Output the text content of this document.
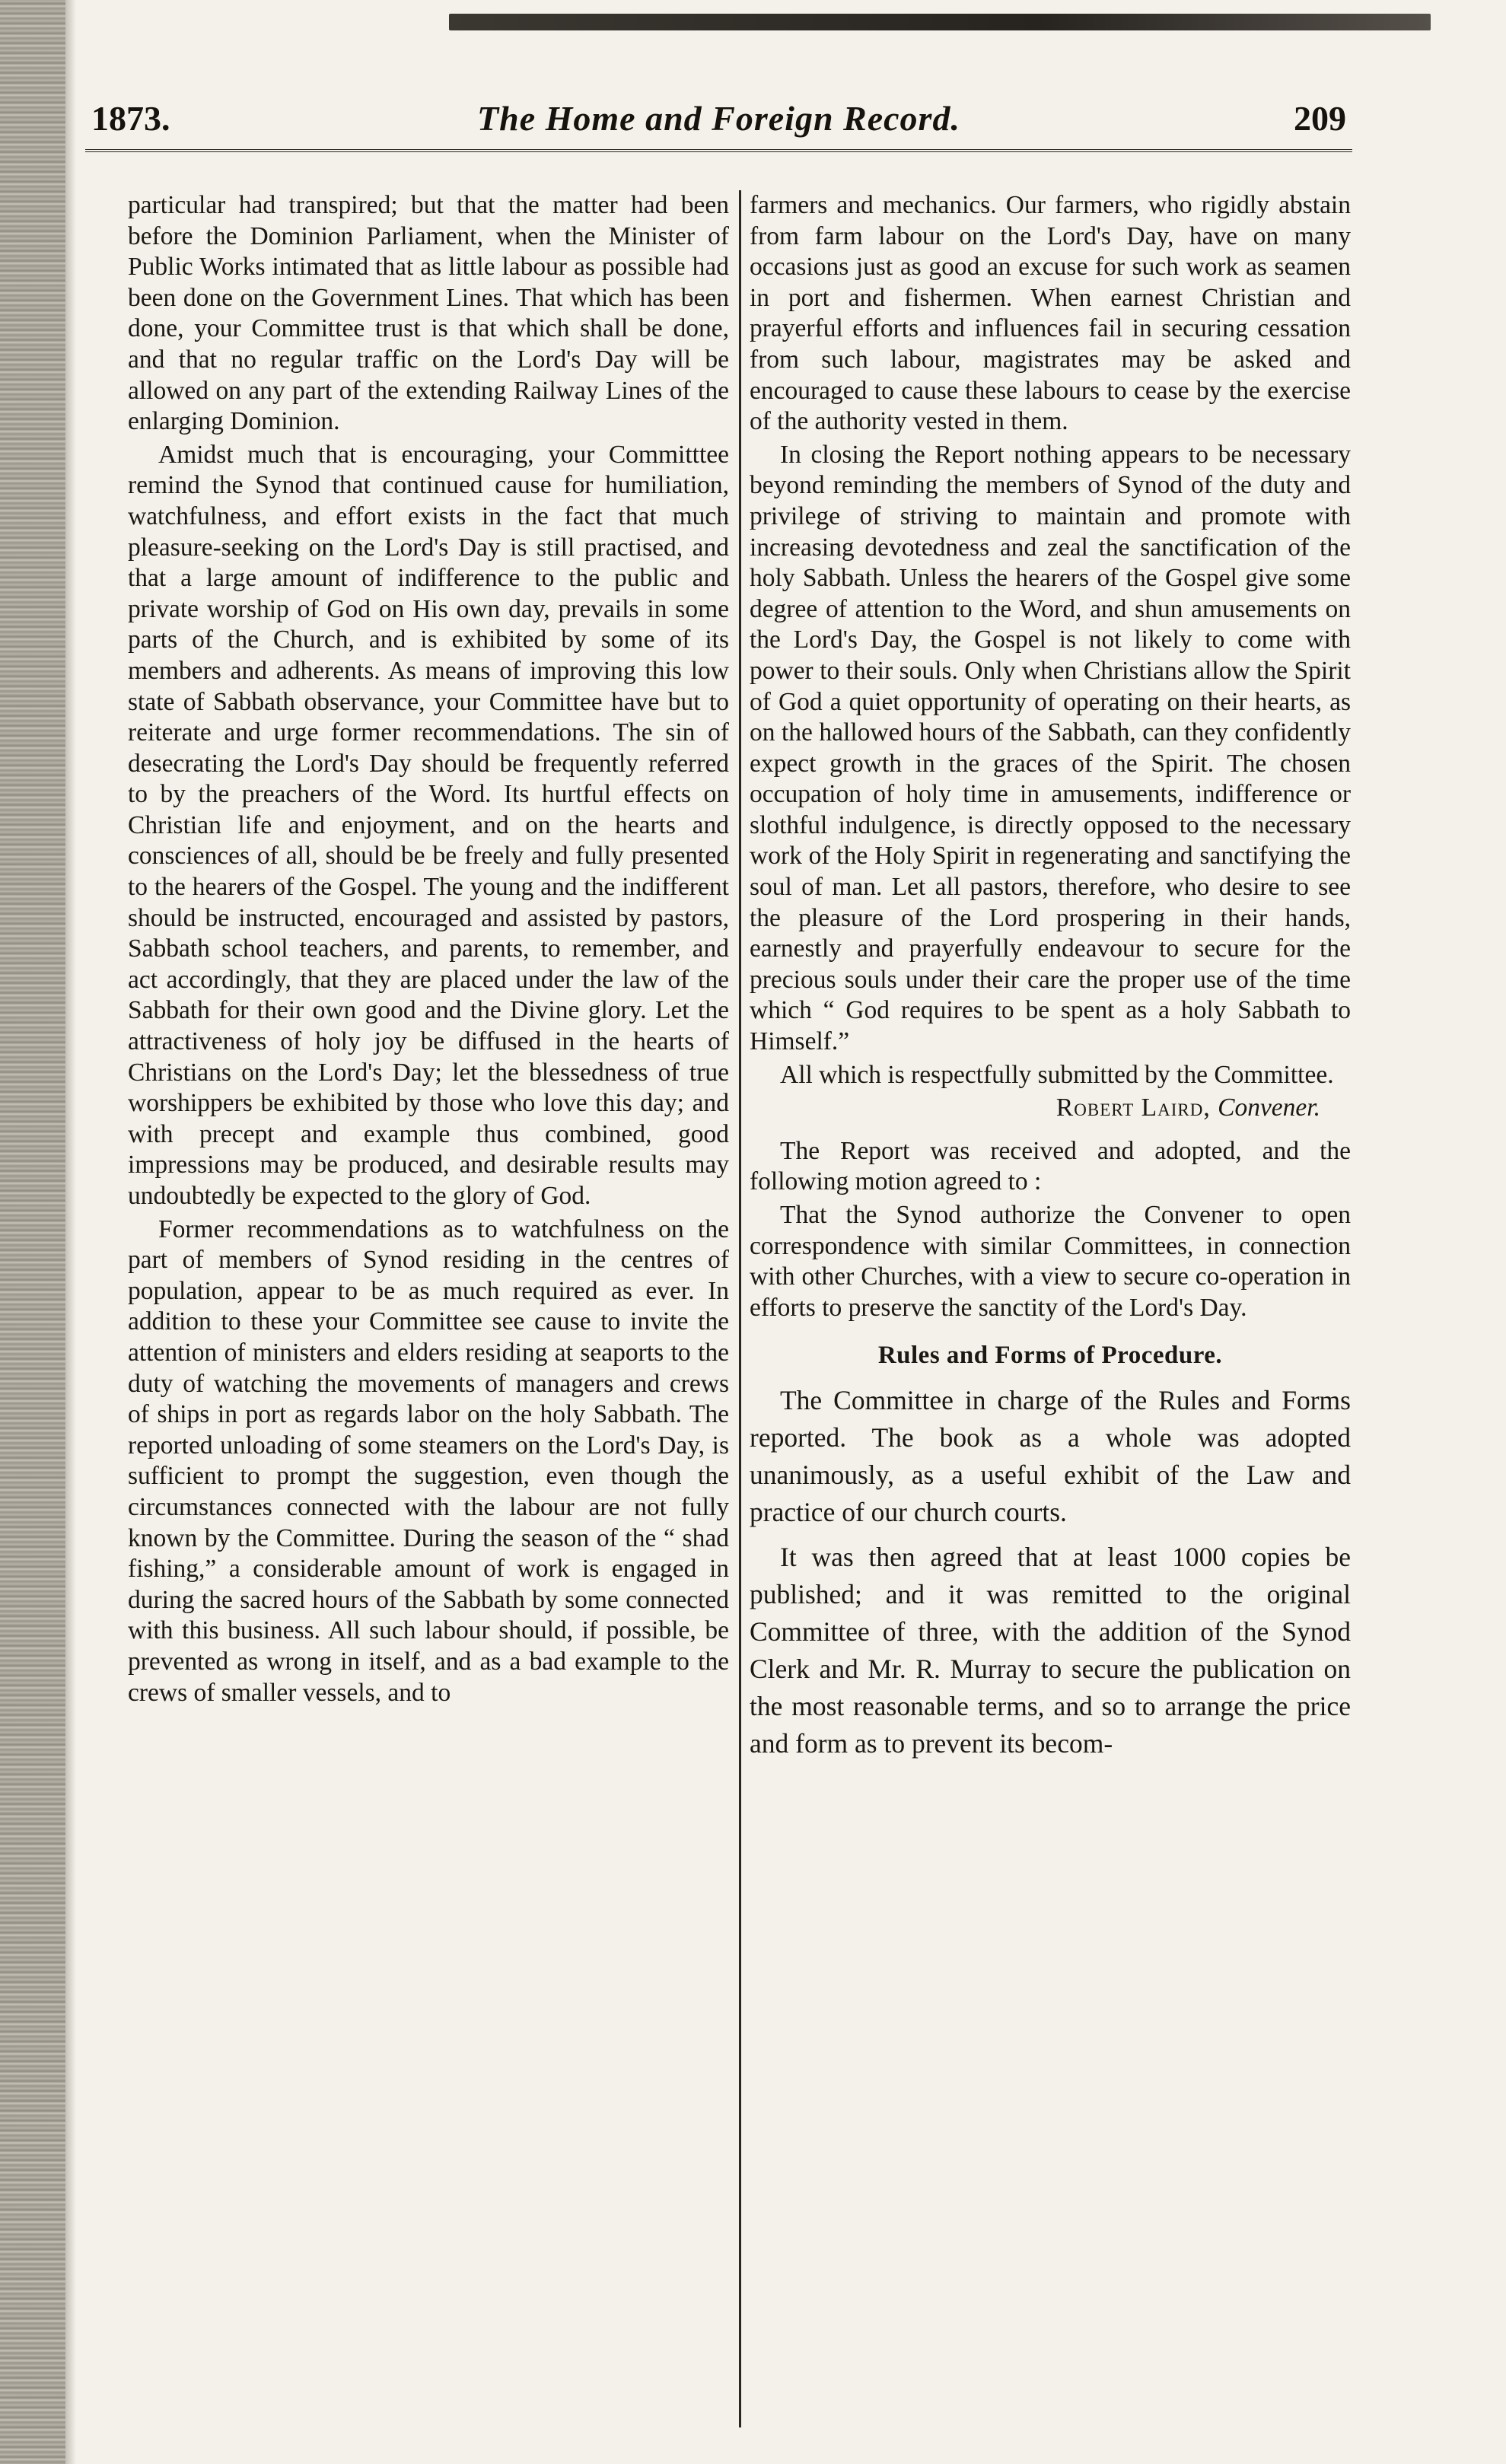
1873.	The Home and Foreign Record.	209

particular had transpired; but that the matter had been before the Dominion Parliament, when the Minister of Public Works intimated that as little labour as possible had been done on the Government Lines. That which has been done, your Committee trust is that which shall be done, and that no regular traffic on the Lord's Day will be allowed on any part of the extending Railway Lines of the enlarging Dominion.

Amidst much that is encouraging, your Committtee remind the Synod that continued cause for humiliation, watchfulness, and effort exists in the fact that much pleasure-seeking on the Lord's Day is still practised, and that a large amount of indifference to the public and private worship of God on His own day, prevails in some parts of the Church, and is exhibited by some of its members and adherents. As means of improving this low state of Sabbath observance, your Committee have but to reiterate and urge former recommendations. The sin of desecrating the Lord's Day should be frequently referred to by the preachers of the Word. Its hurtful effects on Christian life and enjoyment, and on the hearts and consciences of all, should be be freely and fully presented to the hearers of the Gospel. The young and the indifferent should be instructed, encouraged and assisted by pastors, Sabbath school teachers, and parents, to remember, and act accordingly, that they are placed under the law of the Sabbath for their own good and the Divine glory. Let the attractiveness of holy joy be diffused in the hearts of Christians on the Lord's Day; let the blessedness of true worshippers be exhibited by those who love this day; and with precept and example thus combined, good impressions may be produced, and desirable results may undoubtedly be expected to the glory of God.

Former recommendations as to watchfulness on the part of members of Synod residing in the centres of population, appear to be as much required as ever. In addition to these your Committee see cause to invite the attention of ministers and elders residing at seaports to the duty of watching the movements of managers and crews of ships in port as regards labor on the holy Sabbath. The reported unloading of some steamers on the Lord's Day, is sufficient to prompt the suggestion, even though the circumstances connected with the labour are not fully known by the Committee. During the season of the “ shad fishing,” a considerable amount of work is engaged in during the sacred hours of the Sabbath by some connected with this business. All such labour should, if possible, be prevented as wrong in itself, and as a bad example to the crews of smaller vessels, and to

farmers and mechanics. Our farmers, who rigidly abstain from farm labour on the Lord's Day, have on many occasions just as good an excuse for such work as seamen in port and fishermen. When earnest Christian and prayerful efforts and influences fail in securing cessation from such labour, magistrates may be asked and encouraged to cause these labours to cease by the exercise of the authority vested in them.

In closing the Report nothing appears to be necessary beyond reminding the members of Synod of the duty and privilege of striving to maintain and promote with increasing devotedness and zeal the sanctification of the holy Sabbath. Unless the hearers of the Gospel give some degree of attention to the Word, and shun amusements on the Lord's Day, the Gospel is not likely to come with power to their souls. Only when Christians allow the Spirit of God a quiet opportunity of operating on their hearts, as on the hallowed hours of the Sabbath, can they confidently expect growth in the graces of the Spirit. The chosen occupation of holy time in amusements, indifference or slothful indulgence, is directly opposed to the necessary work of the Holy Spirit in regenerating and sanctifying the soul of man. Let all pastors, therefore, who desire to see the pleasure of the Lord prospering in their hands, earnestly and prayerfully endeavour to secure for the precious souls under their care the proper use of the time which “ God requires to be spent as a holy Sabbath to Himself.”

All which is respectfully submitted by the Committee.

Robert Laird, Convener.

The Report was received and adopted, and the following motion agreed to :

That the Synod authorize the Convener to open correspondence with similar Committees, in connection with other Churches, with a view to secure co-operation in efforts to preserve the sanctity of the Lord's Day.

Rules and Forms of Procedure.

The Committee in charge of the Rules and Forms reported. The book as a whole was adopted unanimously, as a useful exhibit of the Law and practice of our church courts.

It was then agreed that at least 1000 copies be published; and it was remitted to the original Committee of three, with the addition of the Synod Clerk and Mr. R. Murray to secure the publication on the most reasonable terms, and so to arrange the price and form as to prevent its becom-
